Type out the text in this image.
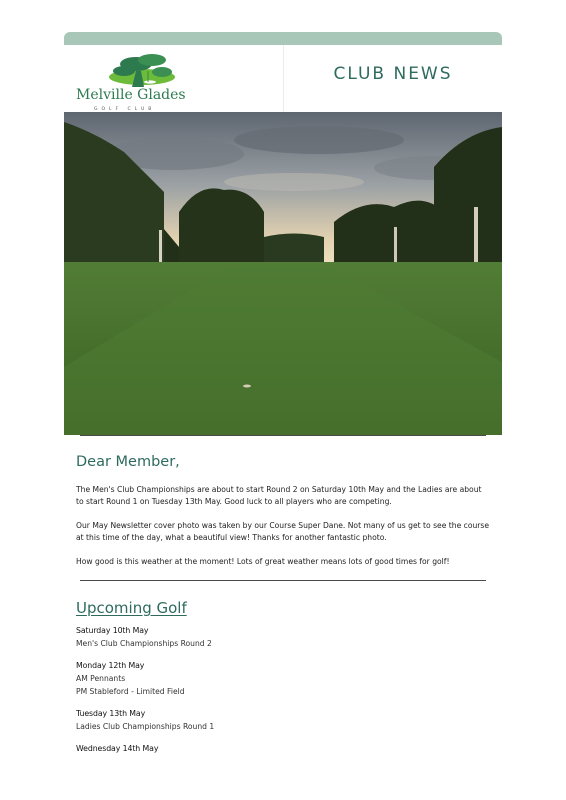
Melville Glades
GOLF CLUB
CLUB NEWS
Dear Member,

The Men's Club Championships are about to start Round 2 on Saturday 10th May and the Ladies are about to start Round 1 on Tuesday 13th May. Good luck to all players who are competing.

Our May Newsletter cover photo was taken by our Course Super Dane. Not many of us get to see the course at this time of the day, what a beautiful view! Thanks for another fantastic photo.

How good is this weather at the moment! Lots of great weather means lots of good times for golf!

Upcoming Golf
Saturday 10th May
Men's Club Championships Round 2
Monday 12th May
AM Pennants
PM Stableford - Limited Field
Tuesday 13th May
Ladies Club Championships Round 1
Wednesday 14th May
